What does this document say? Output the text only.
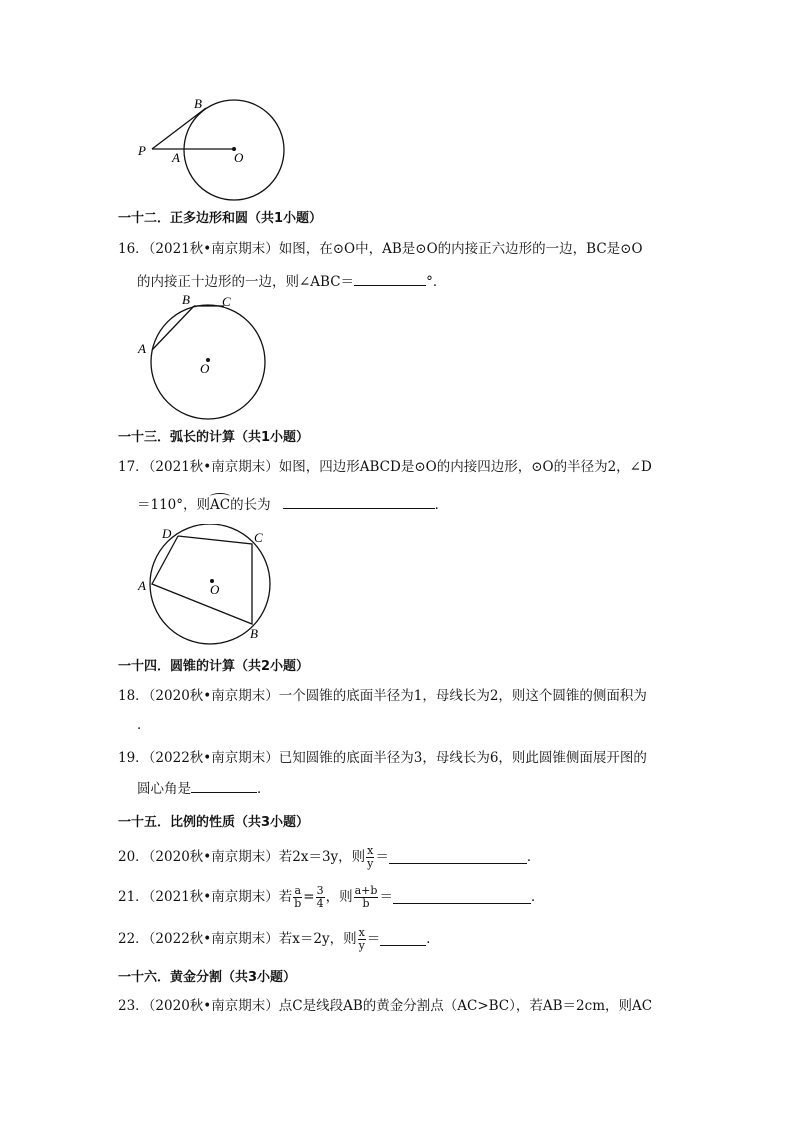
B
P A	O
一十二．正多边形和圆（共1小题）
16．（2021秋•南京期末）如图，在⊙O中，AB是⊙O的内接正六边形的一边，BC是⊙O
的内接正十边形的一边，则∠ABC＝	°．
B C
A
O
一十三．弧长的计算（共1小题）
17．（2021秋•南京期末）如图，四边形ABCD是⊙O的内接四边形，⊙O的半径为2，∠D
＝110°，则AC的长为	．
D	C
A	O
B
一十四．圆锥的计算（共2小题）
18．（2020秋•南京期末）一个圆锥的底面半径为1，母线长为2，则这个圆锥的侧面积为
．
19．（2022秋•南京期末）已知圆锥的底面半径为3，母线长为6，则此圆锥侧面展开图的
圆心角是	．
一十五．比例的性质（共3小题）
20．（2020秋•南京期末）若2x＝3y，则 $\frac{x}{y}$ ＝	．
21．（2021秋•南京期末）若 $\frac{a}{b} = \frac{3}{4}$ ，则 $\frac{a+b}{b}$ ＝	．
22．（2022秋•南京期末）若x＝2y，则 $\frac{x}{y}$ ＝	．
一十六．黄金分割（共3小题）
23．（2020秋•南京期末）点C是线段AB的黄金分割点（AC>BC），若AB＝2cm，则AC
